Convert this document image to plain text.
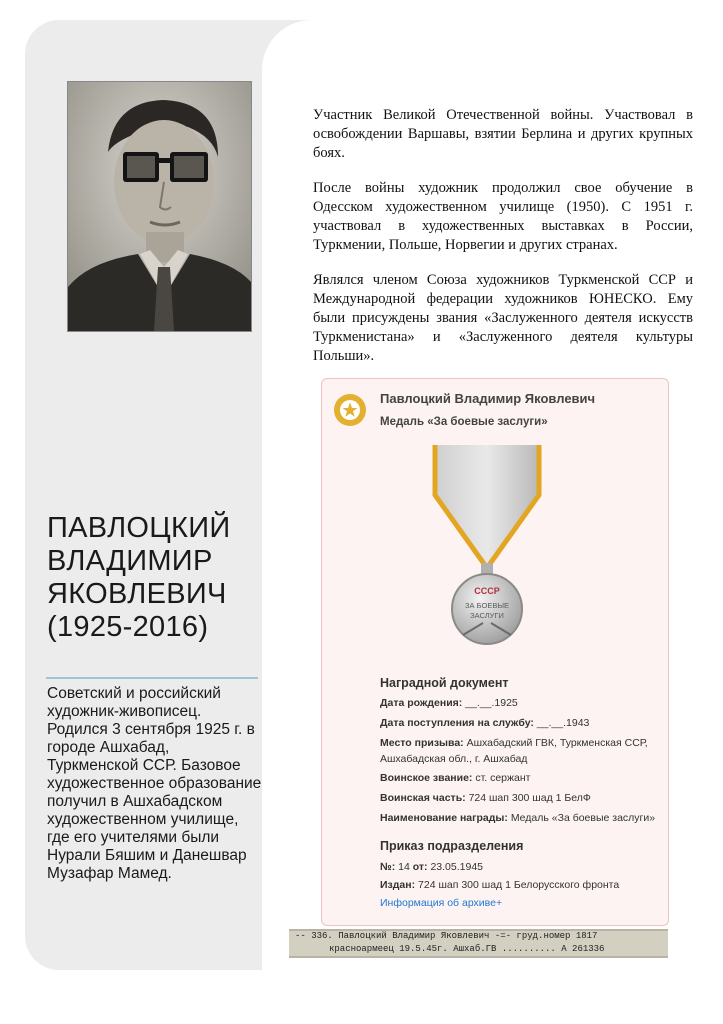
ПАВЛОЦКИЙ
ВЛАДИМИР
ЯКОВЛЕВИЧ
(1925-2016)
Советский и российский художник-живописец. Родился 3 сентября 1925 г. в городе Ашхабад, Туркменской ССР. Базовое художественное образование получил в Ашхабадском художественном училище, где его учителями были Нурали Бяшим и Данешвар Музафар Мамед.

Участник Великой Отечественной войны. Участвовал в освобождении Варшавы, взятии Берлина и других крупных боях.

После войны художник продолжил свое обучение в Одесском художественном училище (1950). С 1951 г. участвовал в художественных выставках в России, Туркмении, Польше, Норвегии и других странах.

Являлся членом Союза художников Туркменской ССР и Международной федерации художников ЮНЕСКО. Ему были присуждены звания «Заслуженного деятеля искусств Туркменистана» и «Заслуженного деятеля культуры Польши».

Павлоцкий Владимир Яковлевич
Медаль «За боевые заслуги»
СССР
ЗА БОЕВЫЕ
ЗАСЛУГИ
Наградной документ
Дата рождения: __.__.1925
Дата поступления на службу: __.__.1943
Место призыва: Ашхабадский ГВК, Туркменская ССР, Ашхабадская обл., г. Ашхабад
Воинское звание: ст. сержант
Воинская часть: 724 шап 300 шад 1 БелФ
Наименование награды: Медаль «За боевые заслуги»
Приказ подразделения
№: 14 от: 23.05.1945
Издан: 724 шап 300 шад 1 Белорусского фронта
Информация об архиве+
-- 336. Павлоцкий Владимир Яковлевич -=- груд.номер 1817
красноармеец 19.5.45г. Ашхаб.ГВ .......... А 261336
